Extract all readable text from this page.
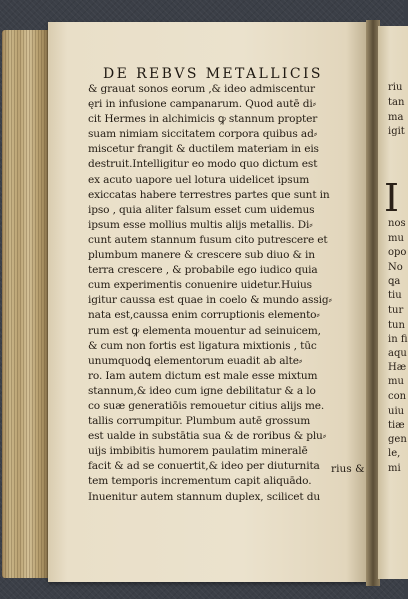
DE REBVS METALLICIS
& grauat sonos eorum ,& ideo admiscentur
ęri in infusione campanarum. Quod autē di⸗
cit Hermes in alchimicis ꝙ stannum propter
suam nimiam siccitatem corpora quibus ad⸗
miscetur frangit & ductilem materiam in eis
destruit.Intelligitur eo modo quo dictum est
ex acuto uapore uel lotura uidelicet ipsum
exiccatas habere terrestres partes que sunt in
ipso , quia aliter falsum esset cum uidemus
ipsum esse mollius multis alijs metallis. Di⸗
cunt autem stannum fusum cito putrescere et
plumbum manere & crescere sub diuo & in
terra crescere , & probabile ego iudico quia
cum experimentis conuenire uidetur.Huius
igitur caussa est quae in coelo & mundo assig⸗
nata est,caussa enim corruptionis elemento⸗
rum est ꝙ elementa mouentur ad seinuicem,
& cum non fortis est ligatura mixtionis , tūc
unumquodꝗ elementorum euadit ab alte⸗
ro. Iam autem dictum est male esse mixtum
stannum,& ideo cum igne debilitatur & a lo
co suæ generatiōis remouetur citius alijs me.
tallis corrumpitur. Plumbum autē grossum
est ualde in substātia sua & de roribus & plu⸗
uijs imbibitis humorem paulatim mineralē
facit & ad se conuertit,& ideo per diuturnita
tem temporis incrementum capit aliquādo.
Inuenitur autem stannum duplex, scilicet du
rius &
I
riu
tan
ma
igit
nos
mu
opo
No
ꝗa
tiu
tur
tun
in fi
aqu
Hæ
mu
con
uiu
tiæ
gen
le,
mi
